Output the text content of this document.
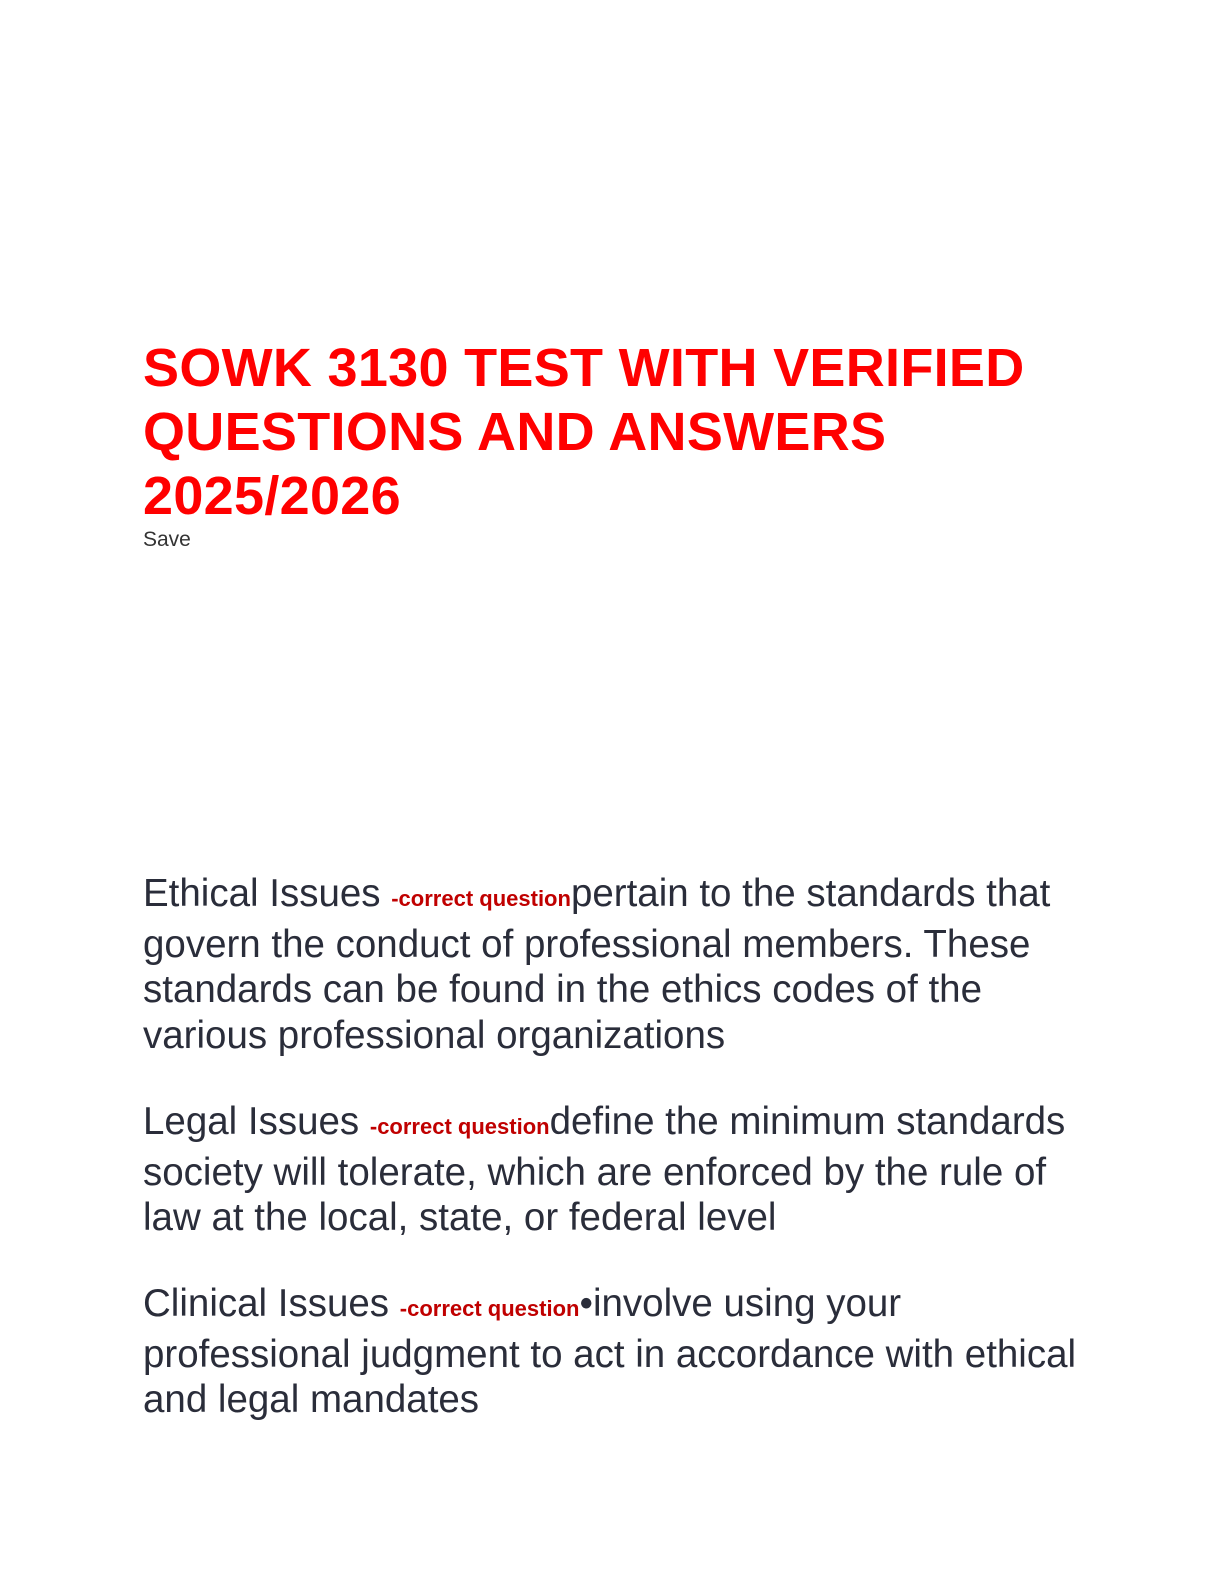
SOWK 3130 TEST WITH VERIFIED QUESTIONS AND ANSWERS 2025/2026
Save

Ethical Issues -correct questionpertain to the standards that govern the conduct of professional members. These standards can be found in the ethics codes of the various professional organizations

Legal Issues -correct questiondefine the minimum standards society will tolerate, which are enforced by the rule of law at the local, state, or federal level

Clinical Issues -correct question•involve using your professional judgment to act in accordance with ethical and legal mandates
